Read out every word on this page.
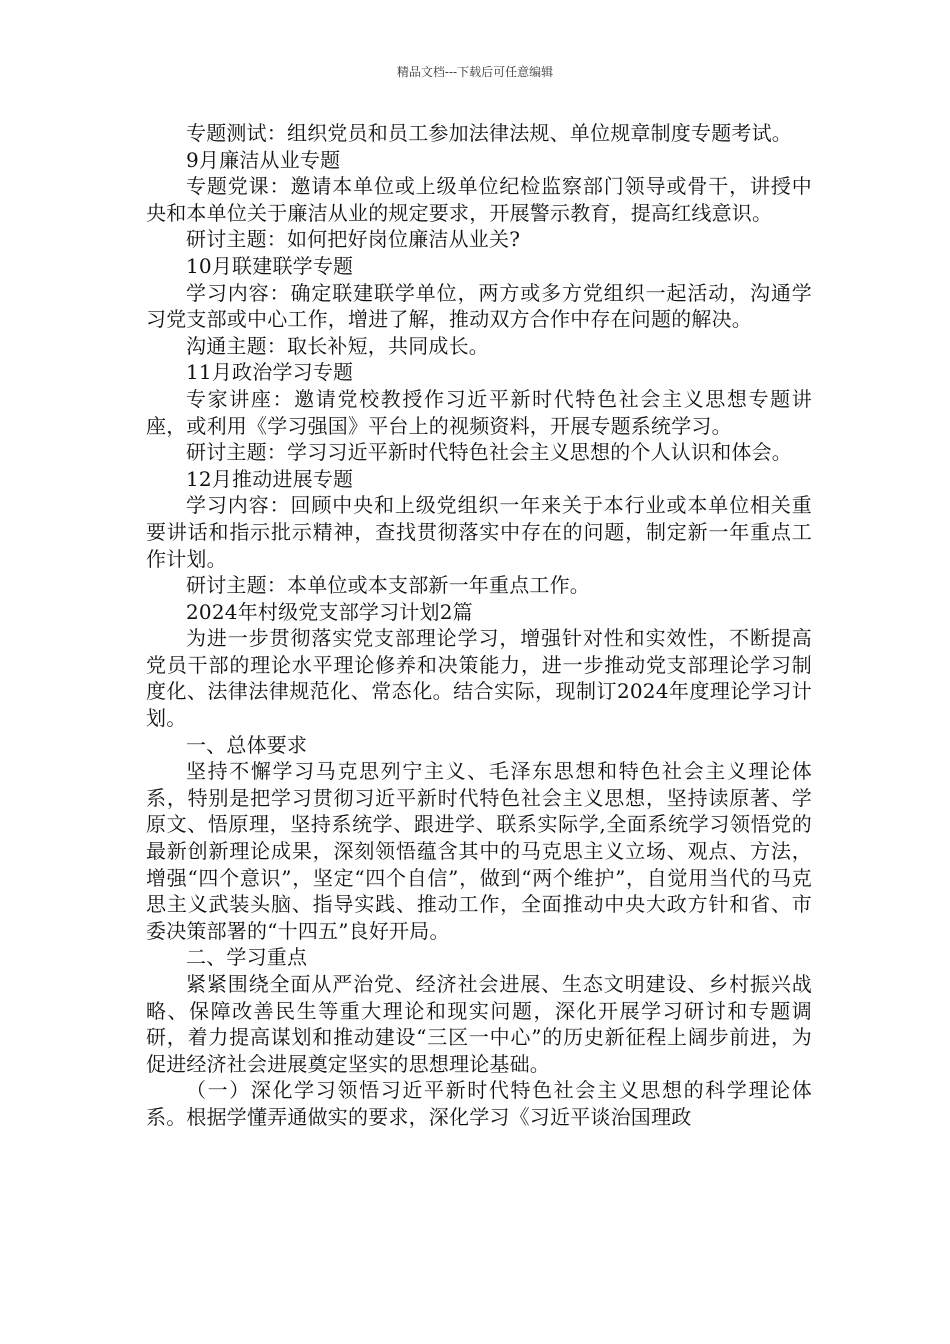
精品文档---下载后可任意编辑

专题测试：组织党员和员工参加法律法规、单位规章制度专题考试。

9月廉洁从业专题

专题党课：邀请本单位或上级单位纪检监察部门领导或骨干，讲授中央和本单位关于廉洁从业的规定要求，开展警示教育，提高红线意识。

研讨主题：如何把好岗位廉洁从业关?

10月联建联学专题

学习内容：确定联建联学单位，两方或多方党组织一起活动，沟通学习党支部或中心工作，增进了解，推动双方合作中存在问题的解决。

沟通主题：取长补短，共同成长。

11月政治学习专题

专家讲座：邀请党校教授作习近平新时代特色社会主义思想专题讲座，或利用《学习强国》平台上的视频资料，开展专题系统学习。

研讨主题：学习习近平新时代特色社会主义思想的个人认识和体会。

12月推动进展专题

学习内容：回顾中央和上级党组织一年来关于本行业或本单位相关重要讲话和指示批示精神，查找贯彻落实中存在的问题，制定新一年重点工作计划。

研讨主题：本单位或本支部新一年重点工作。

2024年村级党支部学习计划2篇

为进一步贯彻落实党支部理论学习，增强针对性和实效性，不断提高党员干部的理论水平理论修养和决策能力，进一步推动党支部理论学习制度化、法律法律规范化、常态化。结合实际，现制订2024年度理论学习计划。

一、总体要求

坚持不懈学习马克思列宁主义、毛泽东思想和特色社会主义理论体系，特别是把学习贯彻习近平新时代特色社会主义思想，坚持读原著、学原文、悟原理，坚持系统学、跟进学、联系实际学,全面系统学习领悟党的最新创新理论成果，深刻领悟蕴含其中的马克思主义立场、观点、方法，增强“四个意识”，坚定“四个自信”，做到“两个维护”，自觉用当代的马克思主义武装头脑、指导实践、推动工作，全面推动中央大政方针和省、市委决策部署的“十四五”良好开局。

二、学习重点

紧紧围绕全面从严治党、经济社会进展、生态文明建设、乡村振兴战略、保障改善民生等重大理论和现实问题，深化开展学习研讨和专题调研，着力提高谋划和推动建设“三区一中心”的历史新征程上阔步前进，为促进经济社会进展奠定坚实的思想理论基础。

（一）深化学习领悟习近平新时代特色社会主义思想的科学理论体系。根据学懂弄通做实的要求，深化学习《习近平谈治国理政
